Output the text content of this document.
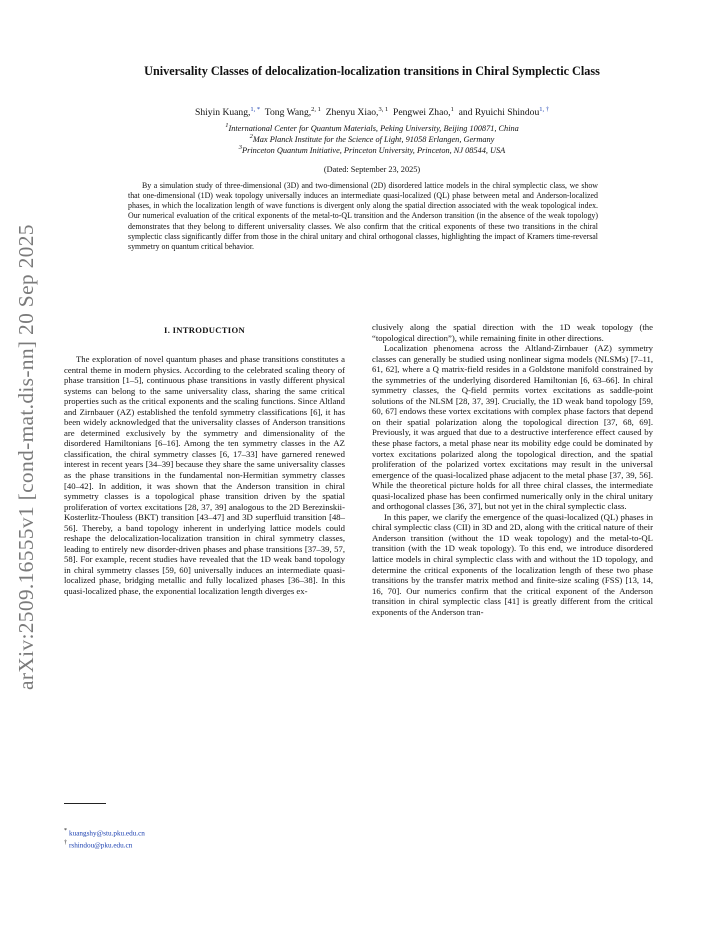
arXiv:2509.16555v1 [cond-mat.dis-nn] 20 Sep 2025
Universality Classes of delocalization-localization transitions in Chiral Symplectic Class
Shiyin Kuang,$^{1, *}$ Tong Wang,$^{2, 1}$ Zhenyu Xiao,$^{3, 1}$ Pengwei Zhao,$^1$ and Ryuichi Shindou$^{1, \dagger}$
$^1$International Center for Quantum Materials, Peking University, Beijing 100871, China
$^2$Max Planck Institute for the Science of Light, 91058 Erlangen, Germany
$^3$Princeton Quantum Initiative, Princeton University, Princeton, NJ 08544, USA
(Dated: September 23, 2025)
By a simulation study of three-dimensional (3D) and two-dimensional (2D) disordered lattice models in the chiral symplectic class, we show that one-dimensional (1D) weak topology universally induces an intermediate quasi-localized (QL) phase between metal and Anderson-localized phases, in which the localization length of wave functions is divergent only along the spatial direction associated with the weak topological index. Our numerical evaluation of the critical exponents of the metal-to-QL transition and the Anderson transition (in the absence of the weak topology) demonstrates that they belong to different universality classes. We also confirm that the critical exponents of these two transitions in the chiral symplectic class significantly differ from those in the chiral unitary and chiral orthogonal classes, highlighting the impact of Kramers time-reversal symmetry on quantum critical behavior.
I. INTRODUCTION

The exploration of novel quantum phases and phase transitions constitutes a central theme in modern physics. According to the celebrated scaling theory of phase transition [1–5], continuous phase transitions in vastly different physical systems can belong to the same universality class, sharing the same critical properties such as the critical exponents and the scaling functions. Since Altland and Zirnbauer (AZ) established the tenfold symmetry classifications [6], it has been widely acknowledged that the universality classes of Anderson transitions are determined exclusively by the symmetry and dimensionality of the disordered Hamiltonians [6–16]. Among the ten symmetry classes in the AZ classification, the chiral symmetry classes [6, 17–33] have garnered renewed interest in recent years [34–39] because they share the same universality classes as the phase transitions in the fundamental non-Hermitian symmetry classes [40–42]. In addition, it was shown that the Anderson transition in chiral symmetry classes is a topological phase transition driven by the spatial proliferation of vortex excitations [28, 37, 39] analogous to the 2D Berezinskii-Kosterlitz-Thouless (BKT) transition [43–47] and 3D superfluid transition [48–56]. Thereby, a band topology inherent in underlying lattice models could reshape the delocalization-localization transition in chiral symmetry classes, leading to entirely new disorder-driven phases and phase transitions [37–39, 57, 58]. For example, recent studies have revealed that the 1D weak band topology in chiral symmetry classes [59, 60] universally induces an intermediate quasi-localized phase, bridging metallic and fully localized phases [36–38]. In this quasi-localized phase, the exponential localization length diverges ex-

clusively along the spatial direction with the 1D weak topology (the “topological direction”), while remaining finite in other directions.

Localization phenomena across the Altland-Zirnbauer (AZ) symmetry classes can generally be studied using nonlinear sigma models (NLSMs) [7–11, 61, 62], where a Q matrix-field resides in a Goldstone manifold constrained by the symmetries of the underlying disordered Hamiltonian [6, 63–66]. In chiral symmetry classes, the Q-field permits vortex excitations as saddle-point solutions of the NLSM [28, 37, 39]. Crucially, the 1D weak band topology [59, 60, 67] endows these vortex excitations with complex phase factors that depend on their spatial polarization along the topological direction [37, 68, 69]. Previously, it was argued that due to a destructive interference effect caused by these phase factors, a metal phase near its mobility edge could be dominated by vortex excitations polarized along the topological direction, and the spatial proliferation of the polarized vortex excitations may result in the universal emergence of the quasi-localized phase adjacent to the metal phase [37, 39, 56]. While the theoretical picture holds for all three chiral classes, the intermediate quasi-localized phase has been confirmed numerically only in the chiral unitary and orthogonal classes [36, 37], but not yet in the chiral symplectic class.

In this paper, we clarify the emergence of the quasi-localized (QL) phases in chiral symplectic class (CII) in 3D and 2D, along with the critical nature of their Anderson transition (without the 1D weak topology) and the metal-to-QL transition (with the 1D weak topology). To this end, we introduce disordered lattice models in chiral symplectic class with and without the 1D topology, and determine the critical exponents of the localization length of these two phase transitions by the transfer matrix method and finite-size scaling (FSS) [13, 14, 16, 70]. Our numerics confirm that the critical exponent of the Anderson transition in chiral symplectic class [41] is greatly different from the critical exponents of the Anderson tran-

* kuangshy@stu.pku.edu.cn
† rshindou@pku.edu.cn
